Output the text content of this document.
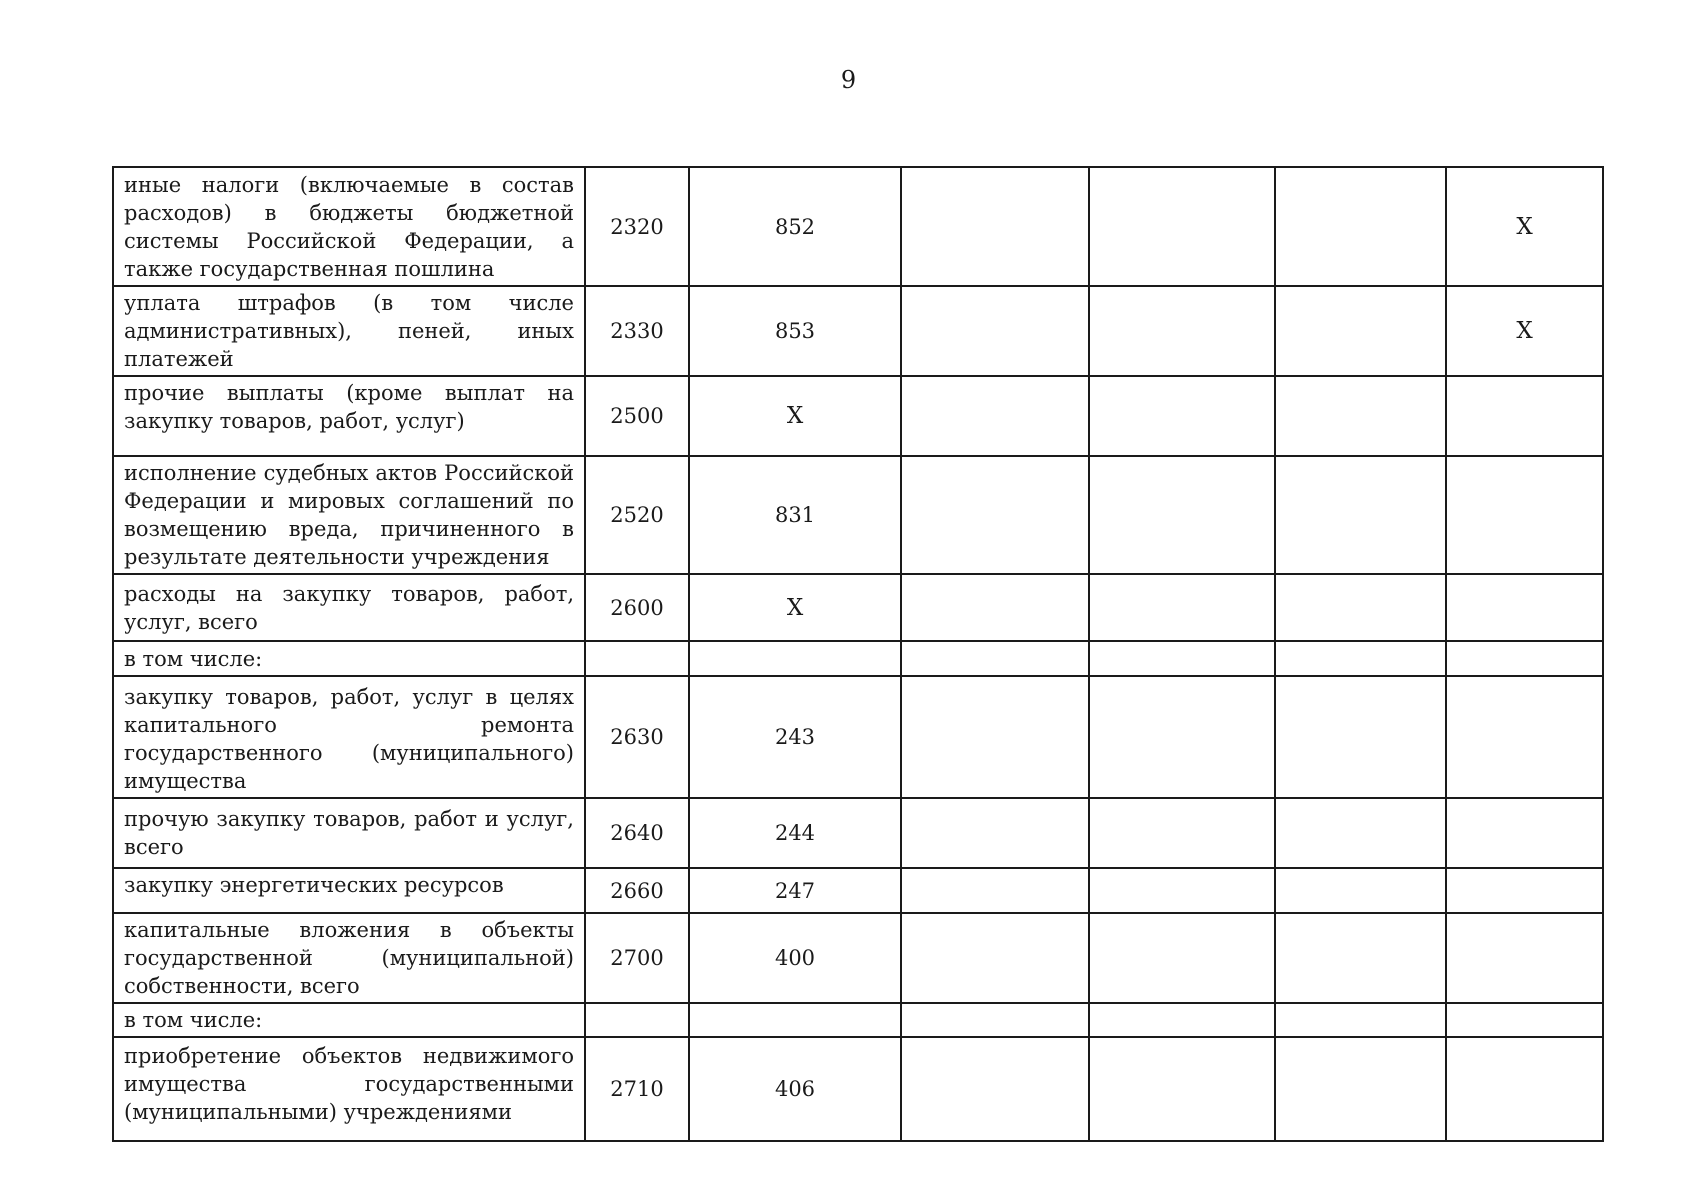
9
иные налоги (включаемые в состав расходов) в бюджеты бюджетной системы Российской Федерации, а также государственная пошлина	2320	852				X
уплата штрафов (в том числе административных), пеней, иных платежей	2330	853				X
прочие выплаты (кроме выплат на закупку товаров, работ, услуг)	2500	X				
исполнение судебных актов Российской Федерации и мировых соглашений по возмещению вреда, причиненного в результате деятельности учреждения	2520	831				
расходы на закупку товаров, работ, услуг, всего	2600	X				
в том числе:						
закупку товаров, работ, услуг в целях капитального ремонта государственного (муниципального) имущества	2630	243				
прочую закупку товаров, работ и услуг, всего	2640	244				
закупку энергетических ресурсов	2660	247				
капитальные вложения в объекты государственной (муниципальной) собственности, всего	2700	400				
в том числе:						
приобретение объектов недвижимого имущества государственными (муниципальными) учреждениями	2710	406				
